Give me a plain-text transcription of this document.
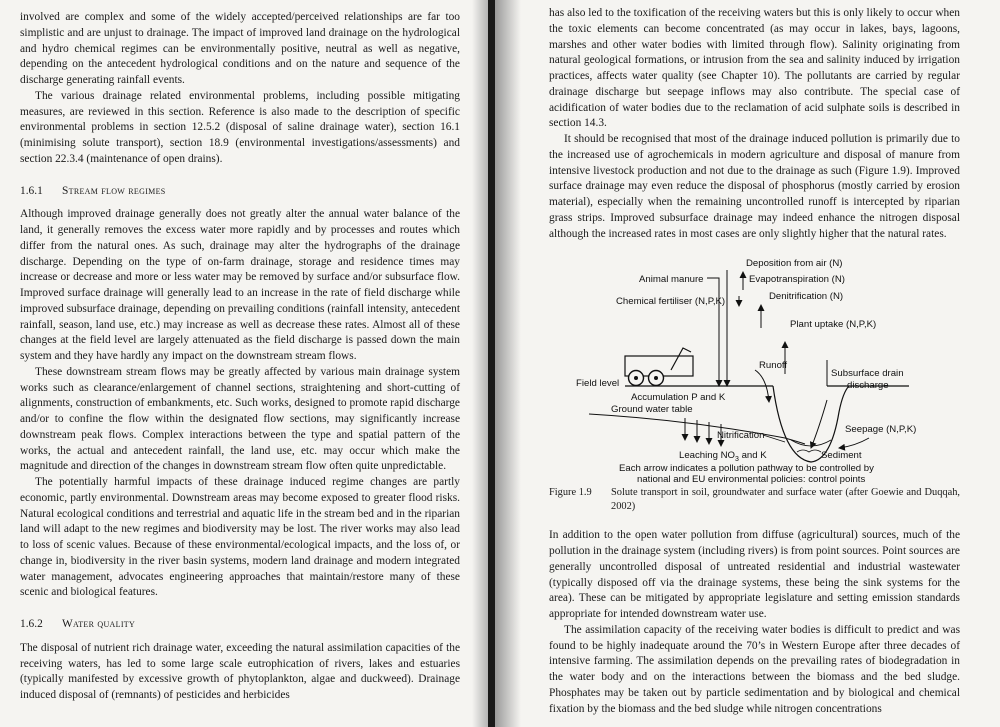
involved are complex and some of the widely accepted/perceived relationships are far too simplistic and are unjust to drainage. The impact of improved land drainage on the hydrological and hydro chemical regimes can be environmentally positive, neutral as well as negative, depending on the antecedent hydrological conditions and on the nature and sequence of the discharge generating rainfall events.

The various drainage related environmental problems, including possible mitigating measures, are reviewed in this section. Reference is also made to the description of specific environmental problems in section 12.5.2 (disposal of saline drainage water), section 16.1 (minimising solute transport), section 18.9 (environmental investigations/assessments) and section 22.3.4 (maintenance of open drains).

1.6.1 Stream flow regimes

Although improved drainage generally does not greatly alter the annual water balance of the land, it generally removes the excess water more rapidly and by processes and routes which differ from the natural ones. As such, drainage may alter the hydrographs of the drainage discharge. Depending on the type of on-farm drainage, storage and residence times may increase or decrease and more or less water may be removed by surface and/or subsurface flow. Improved surface drainage will generally lead to an increase in the rate of field discharge while improved subsurface drainage, depending on prevailing conditions (rainfall intensity, antecedent rainfall, season, land use, etc.) may increase as well as decrease these rates. Almost all of these changes at the field level are largely attenuated as the field discharge is passed down the main system and they have hardly any impact on the downstream stream flows.

These downstream stream flows may be greatly affected by various main drainage system works such as clearance/enlargement of channel sections, straightening and short-cutting of alignments, construction of embankments, etc. Such works, designed to promote rapid discharge and/or to confine the flow within the designated flow sections, may significantly increase downstream peak flows. Complex interactions between the type and spatial pattern of the works, the actual and antecedent rainfall, the land use, etc. may occur which make the magnitude and direction of the changes in downstream stream flow often quite unpredictable.

The potentially harmful impacts of these drainage induced regime changes are partly economic, partly environmental. Downstream areas may become exposed to greater flood risks. Natural ecological conditions and terrestrial and aquatic life in the stream bed and in the riparian land will adapt to the new regimes and biodiversity may be lost. The river works may also lead to loss of scenic values. Because of these environmental/ecological impacts, and the loss of, or change in, biodiversity in the river basin systems, modern land drainage and modern integrated water management, advocates engineering approaches that maintain/restore many of these scenic and biological features.

1.6.2 Water quality

The disposal of nutrient rich drainage water, exceeding the natural assimilation capacities of the receiving waters, has led to some large scale eutrophication of rivers, lakes and estuaries (typically manifested by excessive growth of phytoplankton, algae and duckweed). Drainage induced disposal of (remnants) of pesticides and herbicides

has also led to the toxification of the receiving waters but this is only likely to occur when the toxic elements can become concentrated (as may occur in lakes, bays, lagoons, marshes and other water bodies with limited through flow). Salinity originating from natural geological formations, or intrusion from the sea and salinity induced by irrigation practices, affects water quality (see Chapter 10). The pollutants are carried by regular drainage discharge but seepage inflows may also contribute. The special case of acidification of water bodies due to the reclamation of acid sulphate soils is described in section 14.3.

It should be recognised that most of the drainage induced pollution is primarily due to the increased use of agrochemicals in modern agriculture and disposal of manure from intensive livestock production and not due to the drainage as such (Figure 1.9). Improved surface drainage may even reduce the disposal of phosphorus (mostly carried by erosion material), especially when the remaining uncontrolled runoff is intercepted by riparian grass strips. Improved subsurface drainage may indeed enhance the nitrogen disposal although the increased rates in most cases are only slightly higher that the natural rates.

Deposition from air (N)
Animal manure	Evapotranspiration (N)
Denitrification (N)
Chemical fertiliser (N,P,K)
Plant uptake (N,P,K)
Field level
Runoff
Accumulation P and K
Subsurface drain
discharge
Ground water table
Nitrification
Seepage (N,P,K)
Leaching $NO_3$ and K	Sediment
Each arrow indicates a pollution pathway to be controlled by
national and EU environmental policies: control points
Figure 1.9	Solute transport in soil, groundwater and surface water (after Goewie and Duqqah, 2002)

In addition to the open water pollution from diffuse (agricultural) sources, much of the pollution in the drainage system (including rivers) is from point sources. Point sources are generally uncontrolled disposal of untreated residential and industrial wastewater (typically disposed off via the drainage systems, these being the sink systems for the area). These can be mitigated by appropriate legislature and setting emission standards appropriate for intended downstream water use.

The assimilation capacity of the receiving water bodies is difficult to predict and was found to be highly inadequate around the 70’s in Western Europe after three decades of intensive farming. The assimilation depends on the prevailing rates of biodegradation in the water body and on the interactions between the biomass and the bed sludge. Phosphates may be taken out by particle sedimentation and by biological and chemical fixation by the biomass and the bed sludge while nitrogen concentrations
